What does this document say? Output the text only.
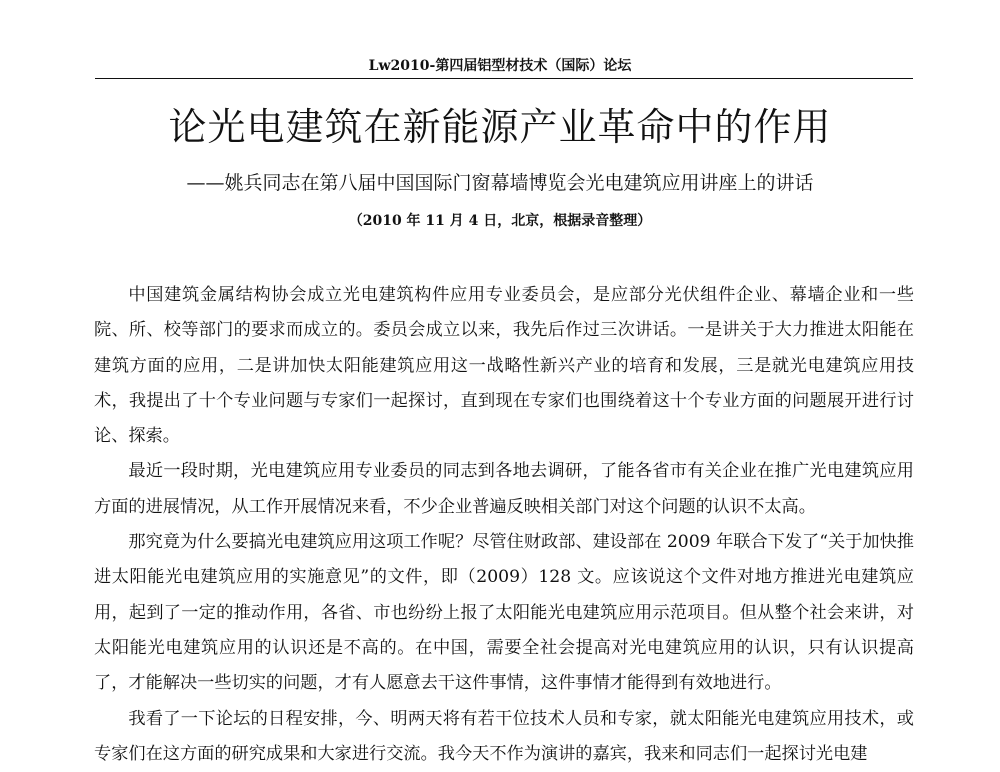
Lw2010-第四届铝型材技术（国际）论坛
论光电建筑在新能源产业革命中的作用
——姚兵同志在第八届中国国际门窗幕墙博览会光电建筑应用讲座上的讲话
（2010 年 11 月 4 日，北京，根据录音整理）

中国建筑金属结构协会成立光电建筑构件应用专业委员会，是应部分光伏组件企业、幕墙企业和一些院、所、校等部门的要求而成立的。委员会成立以来，我先后作过三次讲话。一是讲关于大力推进太阳能在建筑方面的应用，二是讲加快太阳能建筑应用这一战略性新兴产业的培育和发展，三是就光电建筑应用技术，我提出了十个专业问题与专家们一起探讨，直到现在专家们也围绕着这十个专业方面的问题展开进行讨论、探索。

最近一段时期，光电建筑应用专业委员的同志到各地去调研，了能各省市有关企业在推广光电建筑应用方面的进展情况，从工作开展情况来看，不少企业普遍反映相关部门对这个问题的认识不太高。

那究竟为什么要搞光电建筑应用这项工作呢？尽管住财政部、建设部在 2009 年联合下发了“关于加快推进太阳能光电建筑应用的实施意见”的文件，即（2009）128 文。应该说这个文件对地方推进光电建筑应用，起到了一定的推动作用，各省、市也纷纷上报了太阳能光电建筑应用示范项目。但从整个社会来讲，对太阳能光电建筑应用的认识还是不高的。在中国，需要全社会提高对光电建筑应用的认识，只有认识提高了，才能解决一些切实的问题，才有人愿意去干这件事情，这件事情才能得到有效地进行。

我看了一下论坛的日程安排，今、明两天将有若干位技术人员和专家，就太阳能光电建筑应用技术，或专家们在这方面的研究成果和大家进行交流。我今天不作为演讲的嘉宾，我来和同志们一起探讨光电建
